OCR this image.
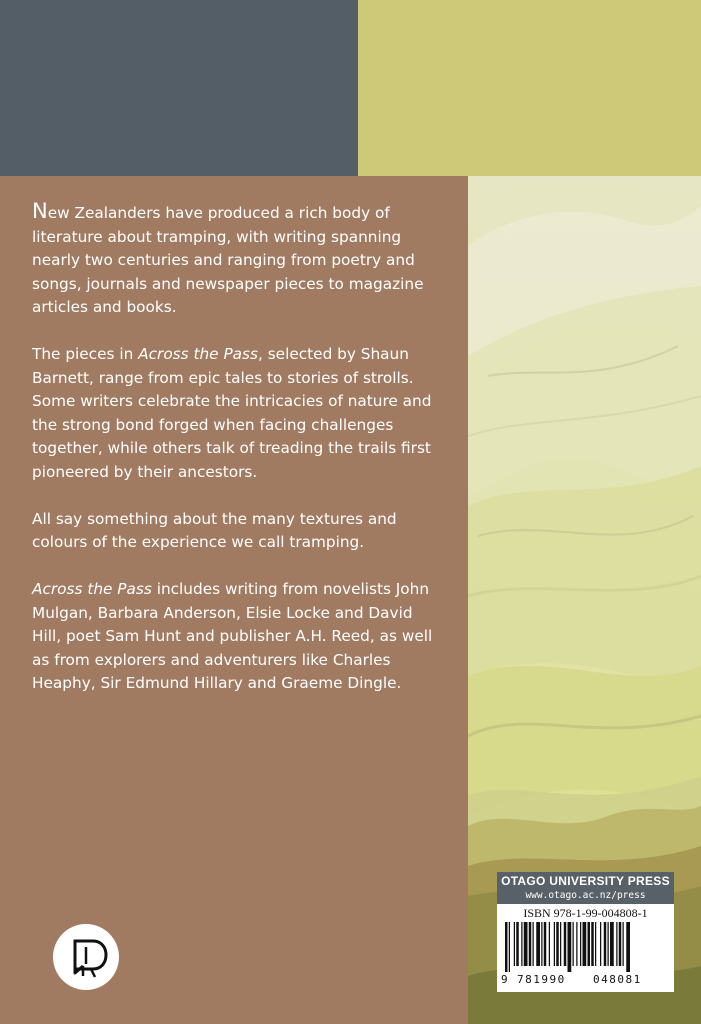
New Zealanders have produced a rich body of literature about tramping, with writing spanning nearly two centuries and ranging from poetry and songs, journals and newspaper pieces to magazine articles and books.

The pieces in Across the Pass, selected by Shaun Barnett, range from epic tales to stories of strolls. Some writers celebrate the intricacies of nature and the strong bond forged when facing challenges together, while others talk of treading the trails first pioneered by their ancestors.

All say something about the many textures and colours of the experience we call tramping.

Across the Pass includes writing from novelists John Mulgan, Barbara Anderson, Elsie Locke and David Hill, poet Sam Hunt and publisher A.H. Reed, as well as from explorers and adventurers like Charles Heaphy, Sir Edmund Hillary and Graeme Dingle.

OTAGO UNIVERSITY PRESS
www.otago.ac.nz/press
ISBN 978-1-99-004808-1
9 781990 048081
